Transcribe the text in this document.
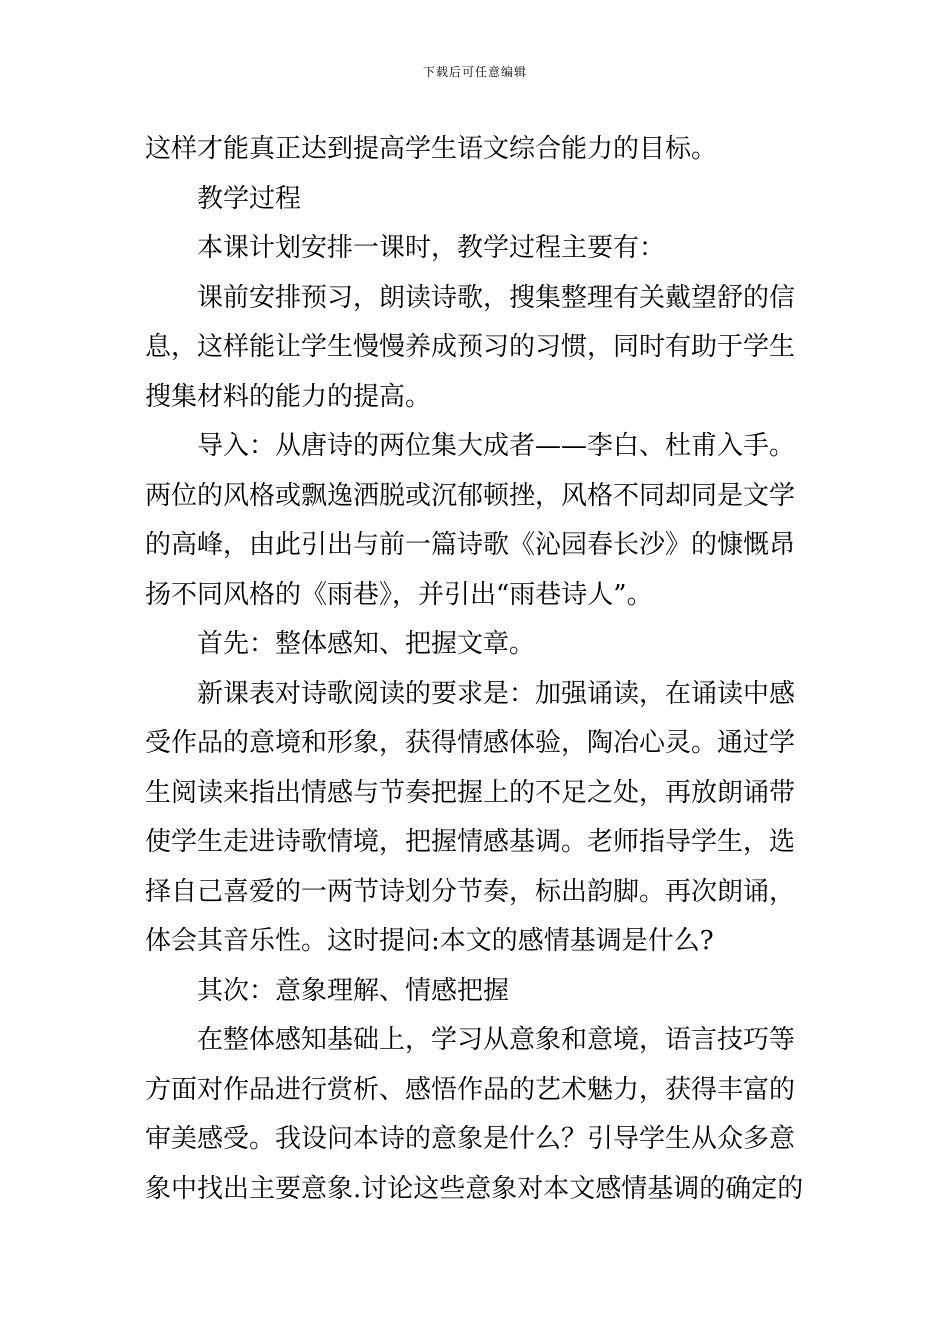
下载后可任意编辑
这样才能真正达到提高学生语文综合能力的目标。
教学过程
本课计划安排一课时，教学过程主要有：
课前安排预习，朗读诗歌，搜集整理有关戴望舒的信
息，这样能让学生慢慢养成预习的习惯，同时有助于学生
搜集材料的能力的提高。
导入：从唐诗的两位集大成者——李白、杜甫入手。
两位的风格或飘逸洒脱或沉郁顿挫，风格不同却同是文学
的高峰，由此引出与前一篇诗歌《沁园春长沙》的慷慨昂
扬不同风格的《雨巷》，并引出“雨巷诗人”。
首先：整体感知、把握文章。
新课表对诗歌阅读的要求是：加强诵读，在诵读中感
受作品的意境和形象，获得情感体验，陶冶心灵。通过学
生阅读来指出情感与节奏把握上的不足之处，再放朗诵带
使学生走进诗歌情境，把握情感基调。老师指导学生，选
择自己喜爱的一两节诗划分节奏，标出韵脚。再次朗诵，
体会其音乐性。这时提问:本文的感情基调是什么?
其次：意象理解、情感把握
在整体感知基础上，学习从意象和意境，语言技巧等
方面对作品进行赏析、感悟作品的艺术魅力，获得丰富的
审美感受。我设问本诗的意象是什么？引导学生从众多意
象中找出主要意象.讨论这些意象对本文感情基调的确定的
